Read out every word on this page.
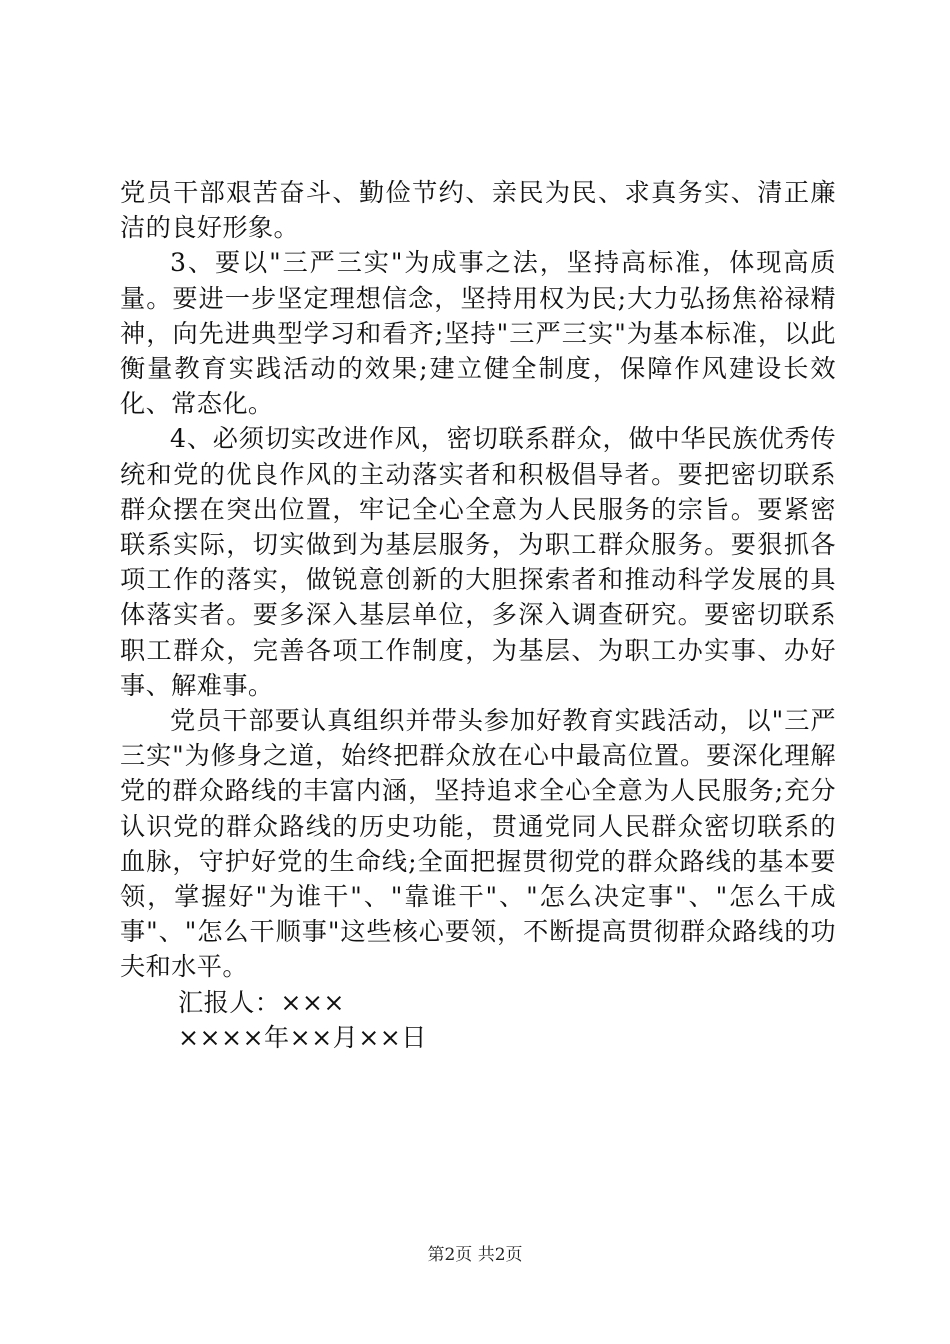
党员干部艰苦奋斗、勤俭节约、亲民为民、求真务实、清正廉洁的良好形象。

3、要以"三严三实"为成事之法，坚持高标准，体现高质量。要进一步坚定理想信念，坚持用权为民;大力弘扬焦裕禄精神，向先进典型学习和看齐;坚持"三严三实"为基本标准，以此衡量教育实践活动的效果;建立健全制度，保障作风建设长效化、常态化。

4、必须切实改进作风，密切联系群众，做中华民族优秀传统和党的优良作风的主动落实者和积极倡导者。要把密切联系群众摆在突出位置，牢记全心全意为人民服务的宗旨。要紧密联系实际，切实做到为基层服务，为职工群众服务。要狠抓各项工作的落实，做锐意创新的大胆探索者和推动科学发展的具体落实者。要多深入基层单位，多深入调查研究。要密切联系职工群众，完善各项工作制度，为基层、为职工办实事、办好事、解难事。

党员干部要认真组织并带头参加好教育实践活动，以"三严三实"为修身之道，始终把群众放在心中最高位置。要深化理解党的群众路线的丰富内涵，坚持追求全心全意为人民服务;充分认识党的群众路线的历史功能，贯通党同人民群众密切联系的血脉，守护好党的生命线;全面把握贯彻党的群众路线的基本要领，掌握好"为谁干"、"靠谁干"、"怎么决定事"、"怎么干成事"、"怎么干顺事"这些核心要领，不断提高贯彻群众路线的功夫和水平。

汇报人：×××

××××年××月××日

第2页 共2页
